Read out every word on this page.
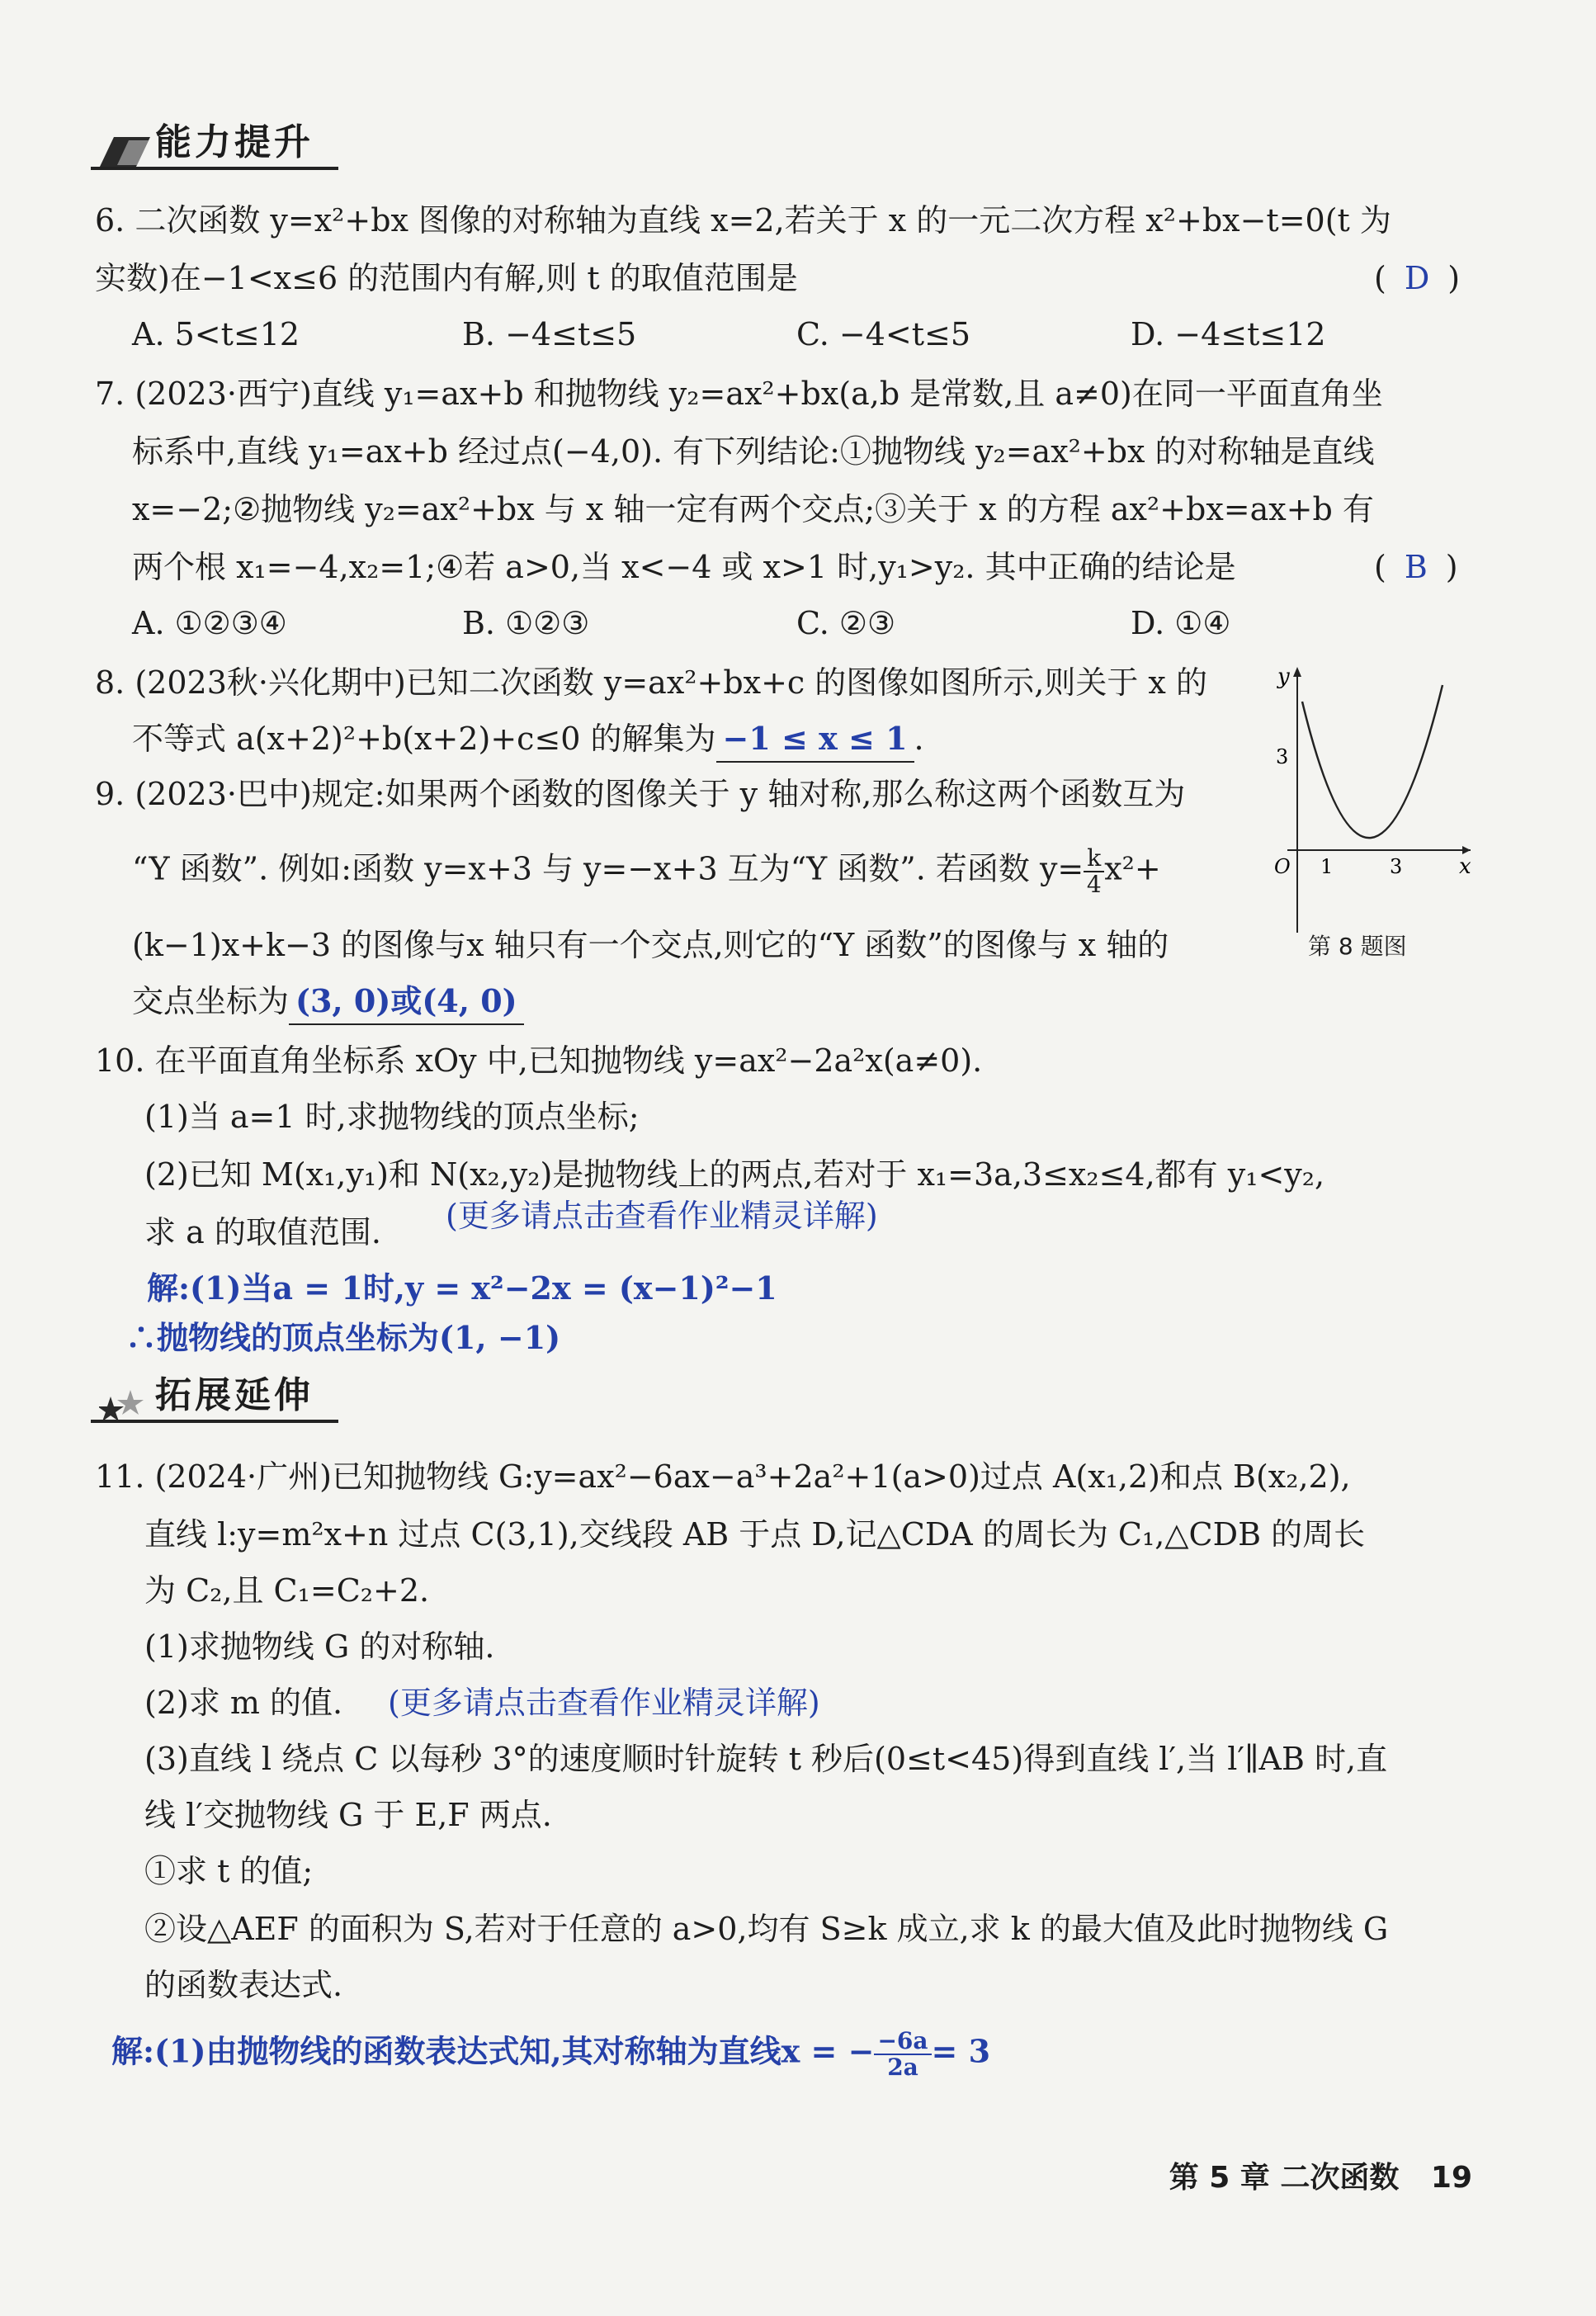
能力提升
6. 二次函数 y=x²+bx 图像的对称轴为直线 x=2,若关于 x 的一元二次方程 x²+bx−t=0(t 为
实数)在−1<x≤6 的范围内有解,则 t 的取值范围是	( D )
A. 5<t≤12	B. −4≤t≤5	C. −4<t≤5	D. −4≤t≤12
7. (2023·西宁)直线 y₁=ax+b 和抛物线 y₂=ax²+bx(a,b 是常数,且 a≠0)在同一平面直角坐
标系中,直线 y₁=ax+b 经过点(−4,0). 有下列结论:①抛物线 y₂=ax²+bx 的对称轴是直线
x=−2;②抛物线 y₂=ax²+bx 与 x 轴一定有两个交点;③关于 x 的方程 ax²+bx=ax+b 有
两个根 x₁=−4,x₂=1;④若 a>0,当 x<−4 或 x>1 时,y₁>y₂. 其中正确的结论是	( B )
A. ①②③④	B. ①②③	C. ②③	D. ①④
8. (2023秋·兴化期中)已知二次函数 y=ax²+bx+c 的图像如图所示,则关于 x 的
不等式 a(x+2)²+b(x+2)+c≤0 的解集为 −1 ≤ x ≤ 1 .
9. (2023·巴中)规定:如果两个函数的图像关于 y 轴对称,那么称这两个函数互为
“Y 函数”. 例如:函数 y=x+3 与 y=−x+3 互为“Y 函数”. 若函数 $y= \frac{k}{4} x^2+$
(k−1)x+k−3 的图像与x 轴只有一个交点,则它的“Y 函数”的图像与 x 轴的
交点坐标为 (3, 0)或(4, 0)
y
x
O
3
1	3
第 8 题图
10. 在平面直角坐标系 xOy 中,已知抛物线 y=ax²−2a²x(a≠0).
(1)当 a=1 时,求抛物线的顶点坐标;
(2)已知 M(x₁,y₁)和 N(x₂,y₂)是抛物线上的两点,若对于 x₁=3a,3≤x₂≤4,都有 y₁<y₂,
求 a 的取值范围.	(更多请点击查看作业精灵详解)
解:(1)当a = 1时,y = x²−2x = (x−1)²−1
∴抛物线的顶点坐标为(1, −1)
拓展延伸
11. (2024·广州)已知抛物线 G:y=ax²−6ax−a³+2a²+1(a>0)过点 A(x₁,2)和点 B(x₂,2),
直线 l:y=m²x+n 过点 C(3,1),交线段 AB 于点 D,记△CDA 的周长为 C₁,△CDB 的周长
为 C₂,且 C₁=C₂+2.
(1)求抛物线 G 的对称轴.
(2)求 m 的值.	(更多请点击查看作业精灵详解)
(3)直线 l 绕点 C 以每秒 3°的速度顺时针旋转 t 秒后(0≤t<45)得到直线 l′,当 l′∥AB 时,直
线 l′交抛物线 G 于 E,F 两点.
①求 t 的值;
②设△AEF 的面积为 S,若对于任意的 a>0,均有 S≥k 成立,求 k 的最大值及此时抛物线 G
的函数表达式.
解:(1)由抛物线的函数表达式知,其对称轴为直线x = − $\frac{-6a}{2a} = 3$
第 5 章 二次函数 19
